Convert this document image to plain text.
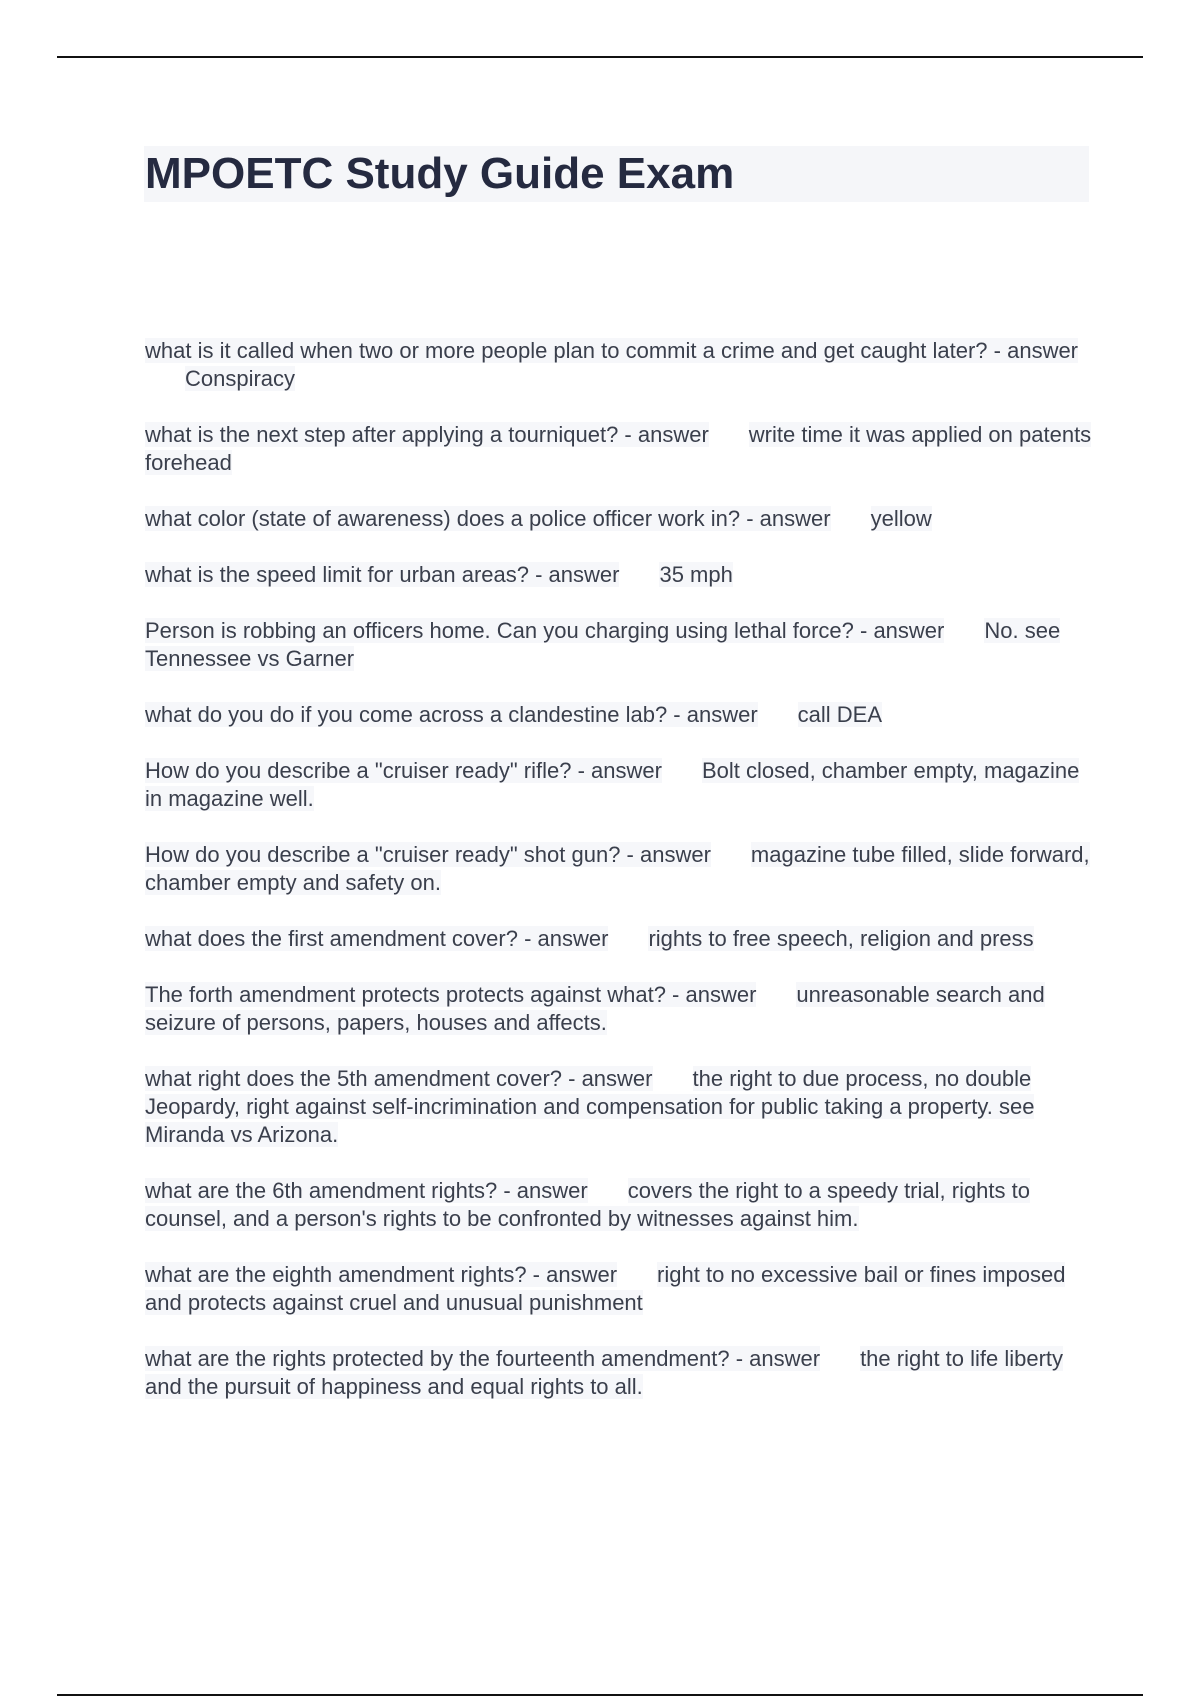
MPOETC Study Guide Exam
what is it called when two or more people plan to commit a crime and get caught later? - answerConspiracy
what is the next step after applying a tourniquet? - answer write time it was applied on patents forehead
what color (state of awareness) does a police officer work in? - answer yellow
what is the speed limit for urban areas? - answer 35 mph
Person is robbing an officers home. Can you charging using lethal force? - answer No. see Tennessee vs Garner
what do you do if you come across a clandestine lab? - answer call DEA
How do you describe a "cruiser ready" rifle? - answer Bolt closed, chamber empty, magazine in magazine well.
How do you describe a "cruiser ready" shot gun? - answer magazine tube filled, slide forward, chamber empty and safety on.
what does the first amendment cover? - answer rights to free speech, religion and press
The forth amendment protects protects against what? - answer unreasonable search and seizure of persons, papers, houses and affects.
what right does the 5th amendment cover? - answer the right to due process, no double Jeopardy, right against self-incrimination and compensation for public taking a property. see Miranda vs Arizona.
what are the 6th amendment rights? - answer covers the right to a speedy trial, rights to counsel, and a person's rights to be confronted by witnesses against him.
what are the eighth amendment rights? - answer right to no excessive bail or fines imposed and protects against cruel and unusual punishment
what are the rights protected by the fourteenth amendment? - answer the right to life liberty and the pursuit of happiness and equal rights to all.
